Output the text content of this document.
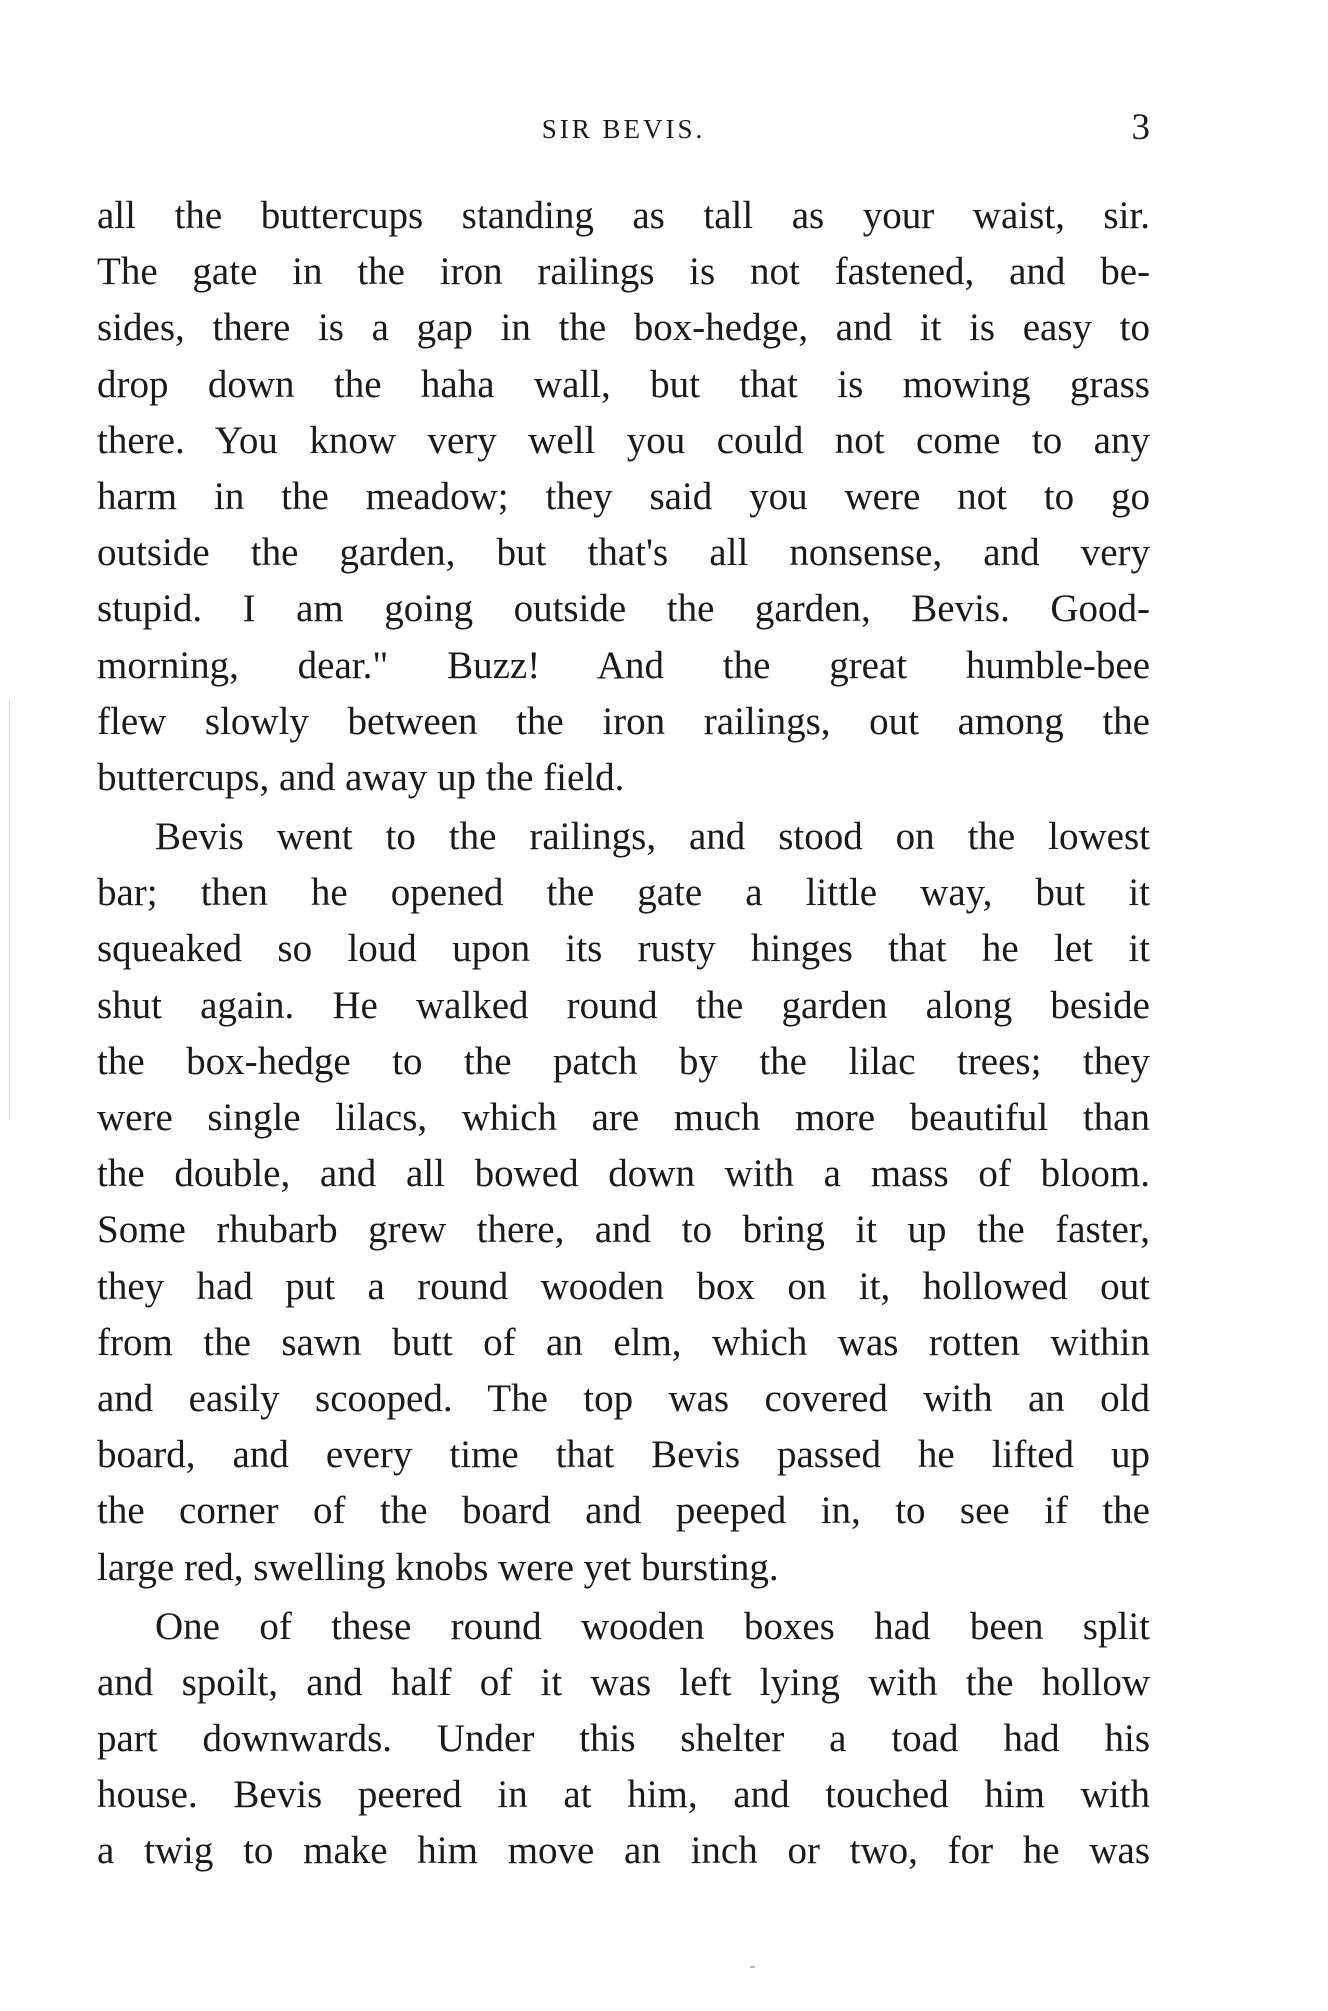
SIR BEVIS.	3
all the buttercups standing as tall as your waist, sir.
The gate in the iron railings is not fastened, and be-
sides, there is a gap in the box-hedge, and it is easy to
drop down the haha wall, but that is mowing grass
there. You know very well you could not come to any
harm in the meadow; they said you were not to go
outside the garden, but that's all nonsense, and very
stupid. I am going outside the garden, Bevis. Good-
morning, dear." Buzz! And the great humble-bee
flew slowly between the iron railings, out among the
buttercups, and away up the field.
Bevis went to the railings, and stood on the lowest
bar; then he opened the gate a little way, but it
squeaked so loud upon its rusty hinges that he let it
shut again. He walked round the garden along beside
the box-hedge to the patch by the lilac trees; they
were single lilacs, which are much more beautiful than
the double, and all bowed down with a mass of bloom.
Some rhubarb grew there, and to bring it up the faster,
they had put a round wooden box on it, hollowed out
from the sawn butt of an elm, which was rotten within
and easily scooped. The top was covered with an old
board, and every time that Bevis passed he lifted up
the corner of the board and peeped in, to see if the
large red, swelling knobs were yet bursting.
One of these round wooden boxes had been split
and spoilt, and half of it was left lying with the hollow
part downwards. Under this shelter a toad had his
house. Bevis peered in at him, and touched him with
a twig to make him move an inch or two, for he was
